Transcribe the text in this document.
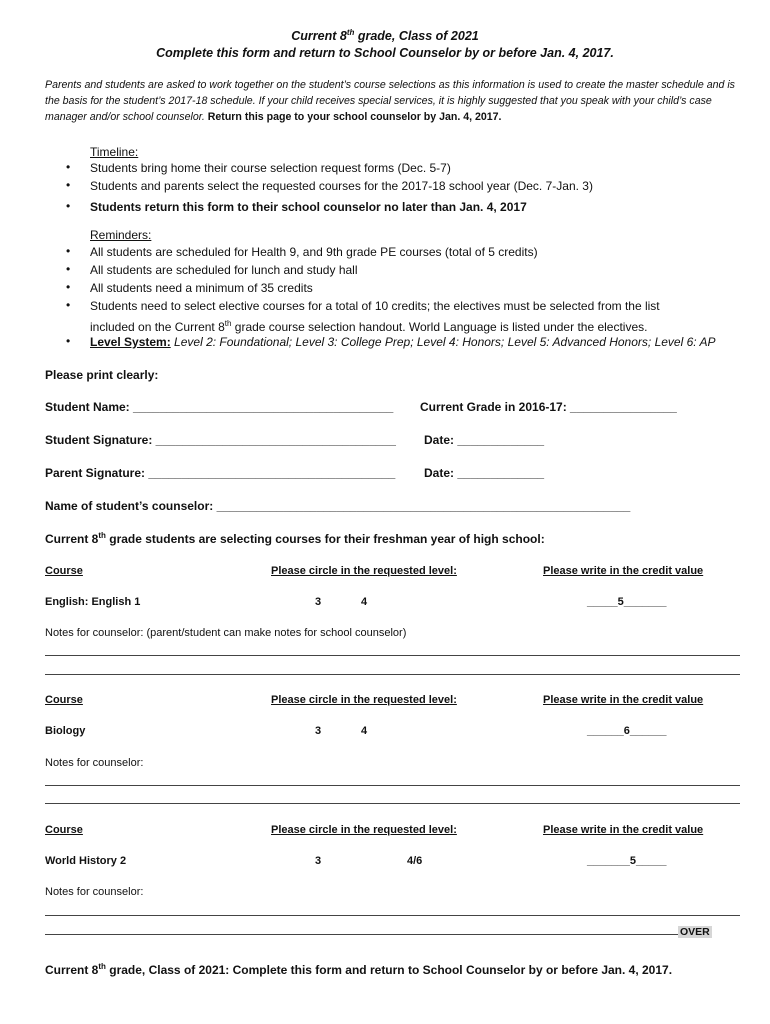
Current 8th grade, Class of 2021
Complete this form and return to School Counselor by or before Jan. 4, 2017.
Parents and students are asked to work together on the student’s course selections as this information is used to create the master schedule and is the basis for the student’s 2017-18 schedule. If your child receives special services, it is highly suggested that you speak with your child’s case manager and/or school counselor. Return this page to your school counselor by Jan. 4, 2017.
Timeline:
• Students bring home their course selection request forms (Dec. 5-7)
• Students and parents select the requested courses for the 2017-18 school year (Dec. 7-Jan. 3)
• Students return this form to their school counselor no later than Jan. 4, 2017
Reminders:
• All students are scheduled for Health 9, and 9th grade PE courses (total of 5 credits)
• All students are scheduled for lunch and study hall
• All students need a minimum of 35 credits
• Students need to select elective courses for a total of 10 credits; the electives must be selected from the list
included on the Current 8th grade course selection handout. World Language is listed under the electives.
• Level System: Level 2: Foundational; Level 3: College Prep; Level 4: Honors; Level 5: Advanced Honors; Level 6: AP
Please print clearly:
Student Name: _______________________________________ Current Grade in 2016-17: ________________
Student Signature: ____________________________________ Date: _____________
Parent Signature: _____________________________________ Date: _____________
Name of student’s counselor: ______________________________________________________________
Current 8th grade students are selecting courses for their freshman year of high school:
Course	Please circle in the requested level:	Please write in the credit value
English: English 1	3	4	_____5_______
Notes for counselor: (parent/student can make notes for school counselor)
Course	Please circle in the requested level:	Please write in the credit value
Biology	3	4	______6______
Notes for counselor:
Course	Please circle in the requested level:	Please write in the credit value
World History 2	3	4/6	_______5_____
Notes for counselor:
OVER
Current 8th grade, Class of 2021: Complete this form and return to School Counselor by or before Jan. 4, 2017.
